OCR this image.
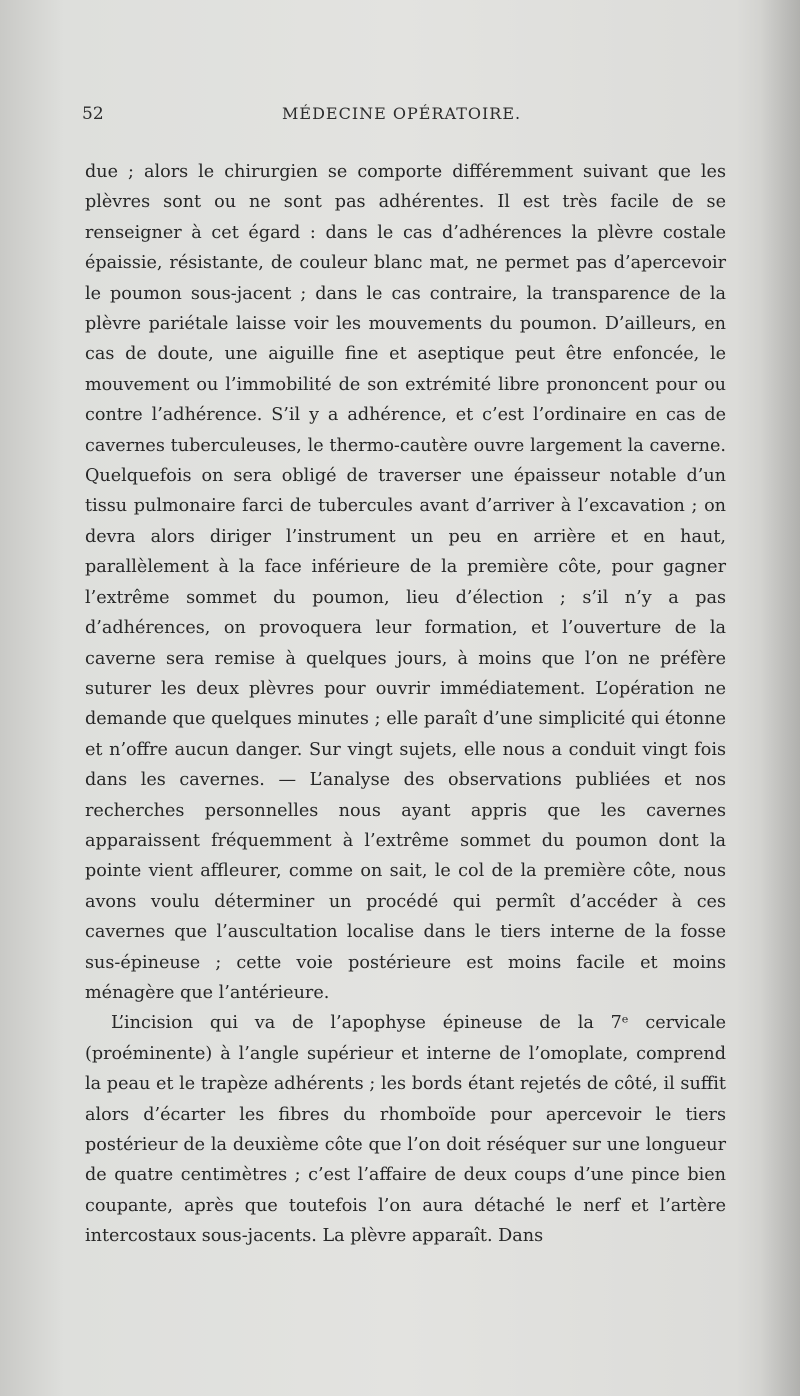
52	MÉDECINE OPÉRATOIRE.

due ; alors le chirurgien se comporte différemment suivant que les plèvres sont ou ne sont pas adhérentes. Il est très facile de se renseigner à cet égard : dans le cas d’adhérences la plèvre costale épaissie, résistante, de couleur blanc mat, ne permet pas d’apercevoir le poumon sous-jacent ; dans le cas contraire, la transparence de la plèvre pariétale laisse voir les mouvements du poumon. D’ailleurs, en cas de doute, une aiguille fine et aseptique peut être enfoncée, le mouvement ou l’immobilité de son extrémité libre prononcent pour ou contre l’adhérence. S’il y a adhérence, et c’est l’ordinaire en cas de cavernes tuberculeuses, le thermo-cautère ouvre largement la caverne. Quelquefois on sera obligé de traverser une épaisseur notable d’un tissu pulmonaire farci de tubercules avant d’arriver à l’excavation ; on devra alors diriger l’instrument un peu en arrière et en haut, parallèlement à la face inférieure de la première côte, pour gagner l’extrême sommet du poumon, lieu d’élection ; s’il n’y a pas d’adhérences, on provoquera leur formation, et l’ouverture de la caverne sera remise à quelques jours, à moins que l’on ne préfère suturer les deux plèvres pour ouvrir immédiatement. L’opération ne demande que quelques minutes ; elle paraît d’une simplicité qui étonne et n’offre aucun danger. Sur vingt sujets, elle nous a conduit vingt fois dans les cavernes. — L’analyse des observations publiées et nos recherches personnelles nous ayant appris que les cavernes apparaissent fréquemment à l’extrême sommet du poumon dont la pointe vient affleurer, comme on sait, le col de la première côte, nous avons voulu déterminer un procédé qui permît d’accéder à ces cavernes que l’auscultation localise dans le tiers interne de la fosse sus-épineuse ; cette voie postérieure est moins facile et moins ménagère que l’antérieure.

L’incision qui va de l’apophyse épineuse de la 7ᵉ cervicale (proéminente) à l’angle supérieur et interne de l’omoplate, comprend la peau et le trapèze adhérents ; les bords étant rejetés de côté, il suffit alors d’écarter les fibres du rhomboïde pour apercevoir le tiers postérieur de la deuxième côte que l’on doit réséquer sur une longueur de quatre centimètres ; c’est l’affaire de deux coups d’une pince bien coupante, après que toutefois l’on aura détaché le nerf et l’artère intercostaux sous-jacents. La plèvre apparaît. Dans
